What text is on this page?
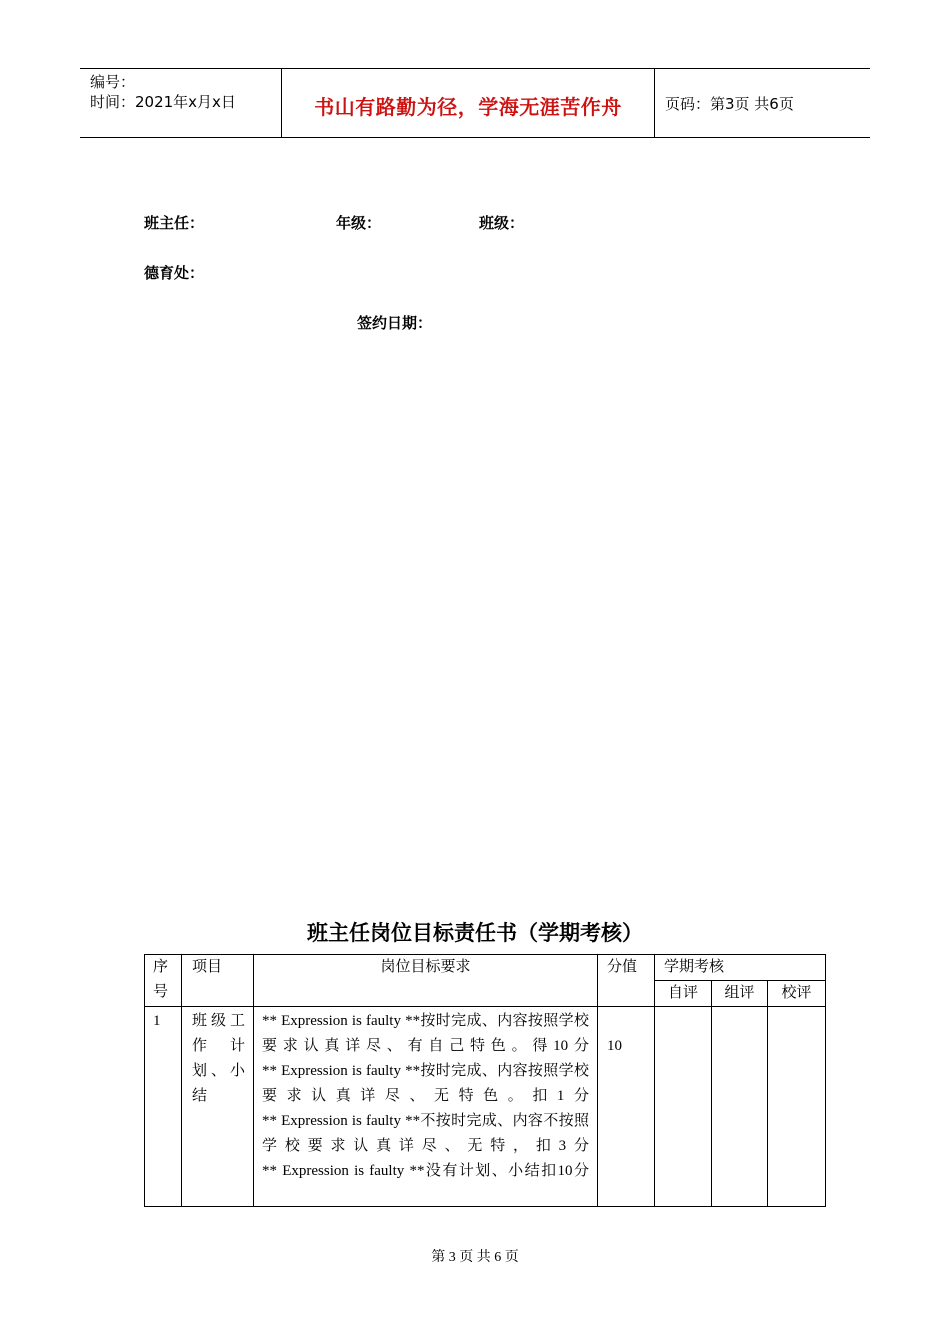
编号：
时间：2021年x月x日	书山有路勤为径，学海无涯苦作舟	页码：第3页 共6页
班主任：	年级：	班级：
德育处：
签约日期：
班主任岗位目标责任书（学期考核）
序号	项目	岗位目标要求	分值	学期考核		
				自评	组评	校评
1	班级工作计划、小结	** Expression is faulty **按时完成、内容按照学校要求认真详尽、有自己特色。得10分
** Expression is faulty **按时完成、内容按照学校要求认真详尽、无特色。扣1分
** Expression is faulty **不按时完成、内容不按照学校要求认真详尽、无特，扣3分
** Expression is faulty **没有计划、小结扣10分	10			
第 3 页 共 6 页
